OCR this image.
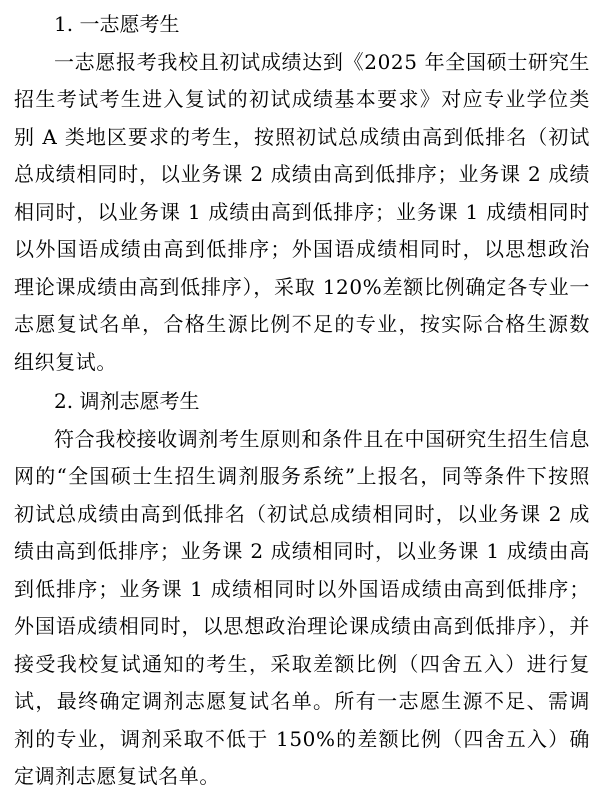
1. 一志愿考生

一志愿报考我校且初试成绩达到《2025 年全国硕士研究生招生考试考生进入复试的初试成绩基本要求》对应专业学位类别 A 类地区要求的考生，按照初试总成绩由高到低排名（初试总成绩相同时，以业务课 2 成绩由高到低排序；业务课 2 成绩相同时，以业务课 1 成绩由高到低排序；业务课 1 成绩相同时以外国语成绩由高到低排序；外国语成绩相同时，以思想政治理论课成绩由高到低排序），采取 120%差额比例确定各专业一志愿复试名单，合格生源比例不足的专业，按实际合格生源数组织复试。

2. 调剂志愿考生

符合我校接收调剂考生原则和条件且在中国研究生招生信息网的“全国硕士生招生调剂服务系统”上报名，同等条件下按照初试总成绩由高到低排名（初试总成绩相同时，以业务课 2 成绩由高到低排序；业务课 2 成绩相同时，以业务课 1 成绩由高到低排序；业务课 1 成绩相同时以外国语成绩由高到低排序；外国语成绩相同时，以思想政治理论课成绩由高到低排序），并接受我校复试通知的考生，采取差额比例（四舍五入）进行复试，最终确定调剂志愿复试名单。所有一志愿生源不足、需调剂的专业，调剂采取不低于 150%的差额比例（四舍五入）确定调剂志愿复试名单。
